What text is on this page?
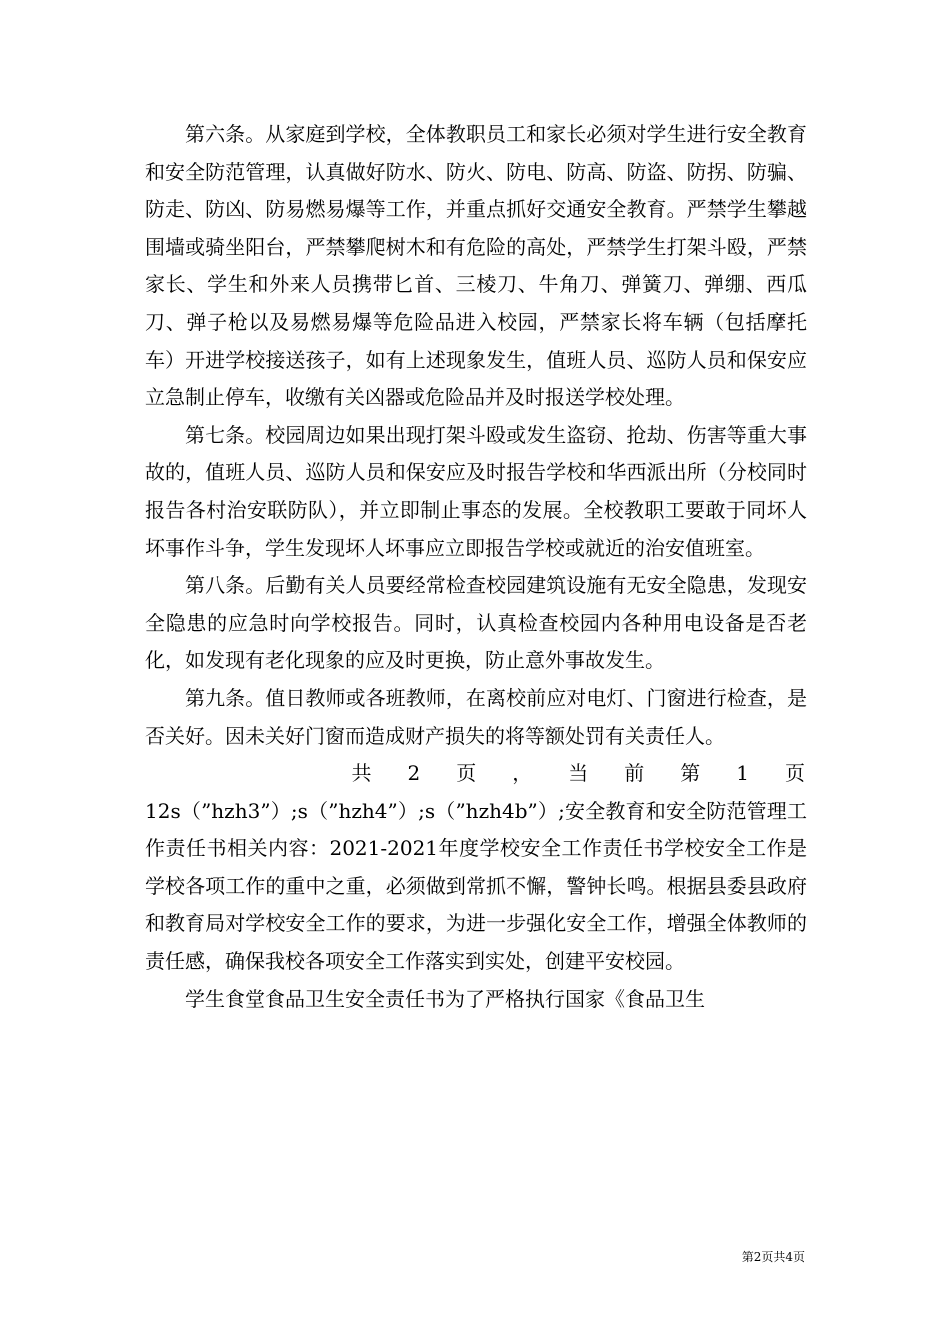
第六条。从家庭到学校，全体教职员工和家长必须对学生进行安全教育和安全防范管理，认真做好防水、防火、防电、防高、防盗、防拐、防骗、防走、防凶、防易燃易爆等工作，并重点抓好交通安全教育。严禁学生攀越围墙或骑坐阳台，严禁攀爬树木和有危险的高处，严禁学生打架斗殴，严禁家长、学生和外来人员携带匕首、三棱刀、牛角刀、弹簧刀、弹绷、西瓜刀、弹子枪以及易燃易爆等危险品进入校园，严禁家长将车辆（包括摩托车）开进学校接送孩子，如有上述现象发生，值班人员、巡防人员和保安应立急制止停车，收缴有关凶器或危险品并及时报送学校处理。

第七条。校园周边如果出现打架斗殴或发生盗窃、抢劫、伤害等重大事故的，值班人员、巡防人员和保安应及时报告学校和华西派出所（分校同时报告各村治安联防队），并立即制止事态的发展。全校教职工要敢于同坏人坏事作斗争，学生发现坏人坏事应立即报告学校或就近的治安值班室。

第八条。后勤有关人员要经常检查校园建筑设施有无安全隐患，发现安全隐患的应急时向学校报告。同时，认真检查校园内各种用电设备是否老化，如发现有老化现象的应及时更换，防止意外事故发生。

第九条。值日教师或各班教师，在离校前应对电灯、门窗进行检查，是否关好。因未关好门窗而造成财产损失的将等额处罚有关责任人。

共 2 页 ， 当 前 第 1 页

12s（”hzh3”）;s（”hzh4”）;s（”hzh4b”）;安全教育和安全防范管理工作责任书相关内容：2021-2021年度学校安全工作责任书学校安全工作是学校各项工作的重中之重，必须做到常抓不懈，警钟长鸣。根据县委县政府和教育局对学校安全工作的要求，为进一步强化安全工作，增强全体教师的责任感，确保我校各项安全工作落实到实处，创建平安校园。

学生食堂食品卫生安全责任书为了严格执行国家《食品卫生

第2页共4页
